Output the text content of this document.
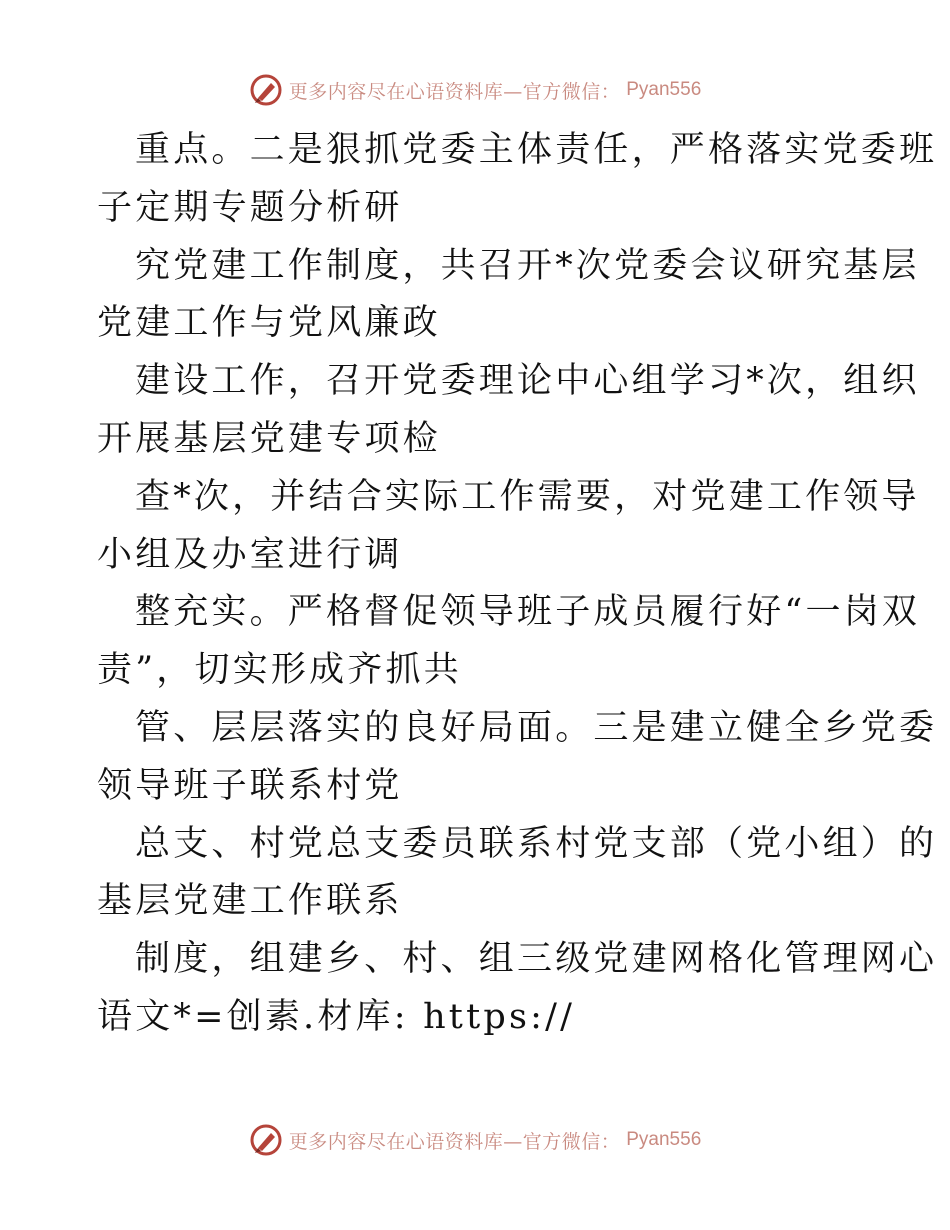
更多内容尽在心语资料库—官方微信： Pyan556
重点。二是狠抓党委主体责任，严格落实党委班
子定期专题分析研
究党建工作制度，共召开*次党委会议研究基层
党建工作与党风廉政
建设工作，召开党委理论中心组学习*次，组织
开展基层党建专项检
查*次，并结合实际工作需要，对党建工作领导
小组及办室进行调
整充实。严格督促领导班子成员履行好“一岗双
责”，切实形成齐抓共
管、层层落实的良好局面。三是建立健全乡党委
领导班子联系村党
总支、村党总支委员联系村党支部（党小组）的
基层党建工作联系
制度，组建乡、村、组三级党建网格化管理网心
语文*=创素.材库: https://
更多内容尽在心语资料库—官方微信： Pyan556
